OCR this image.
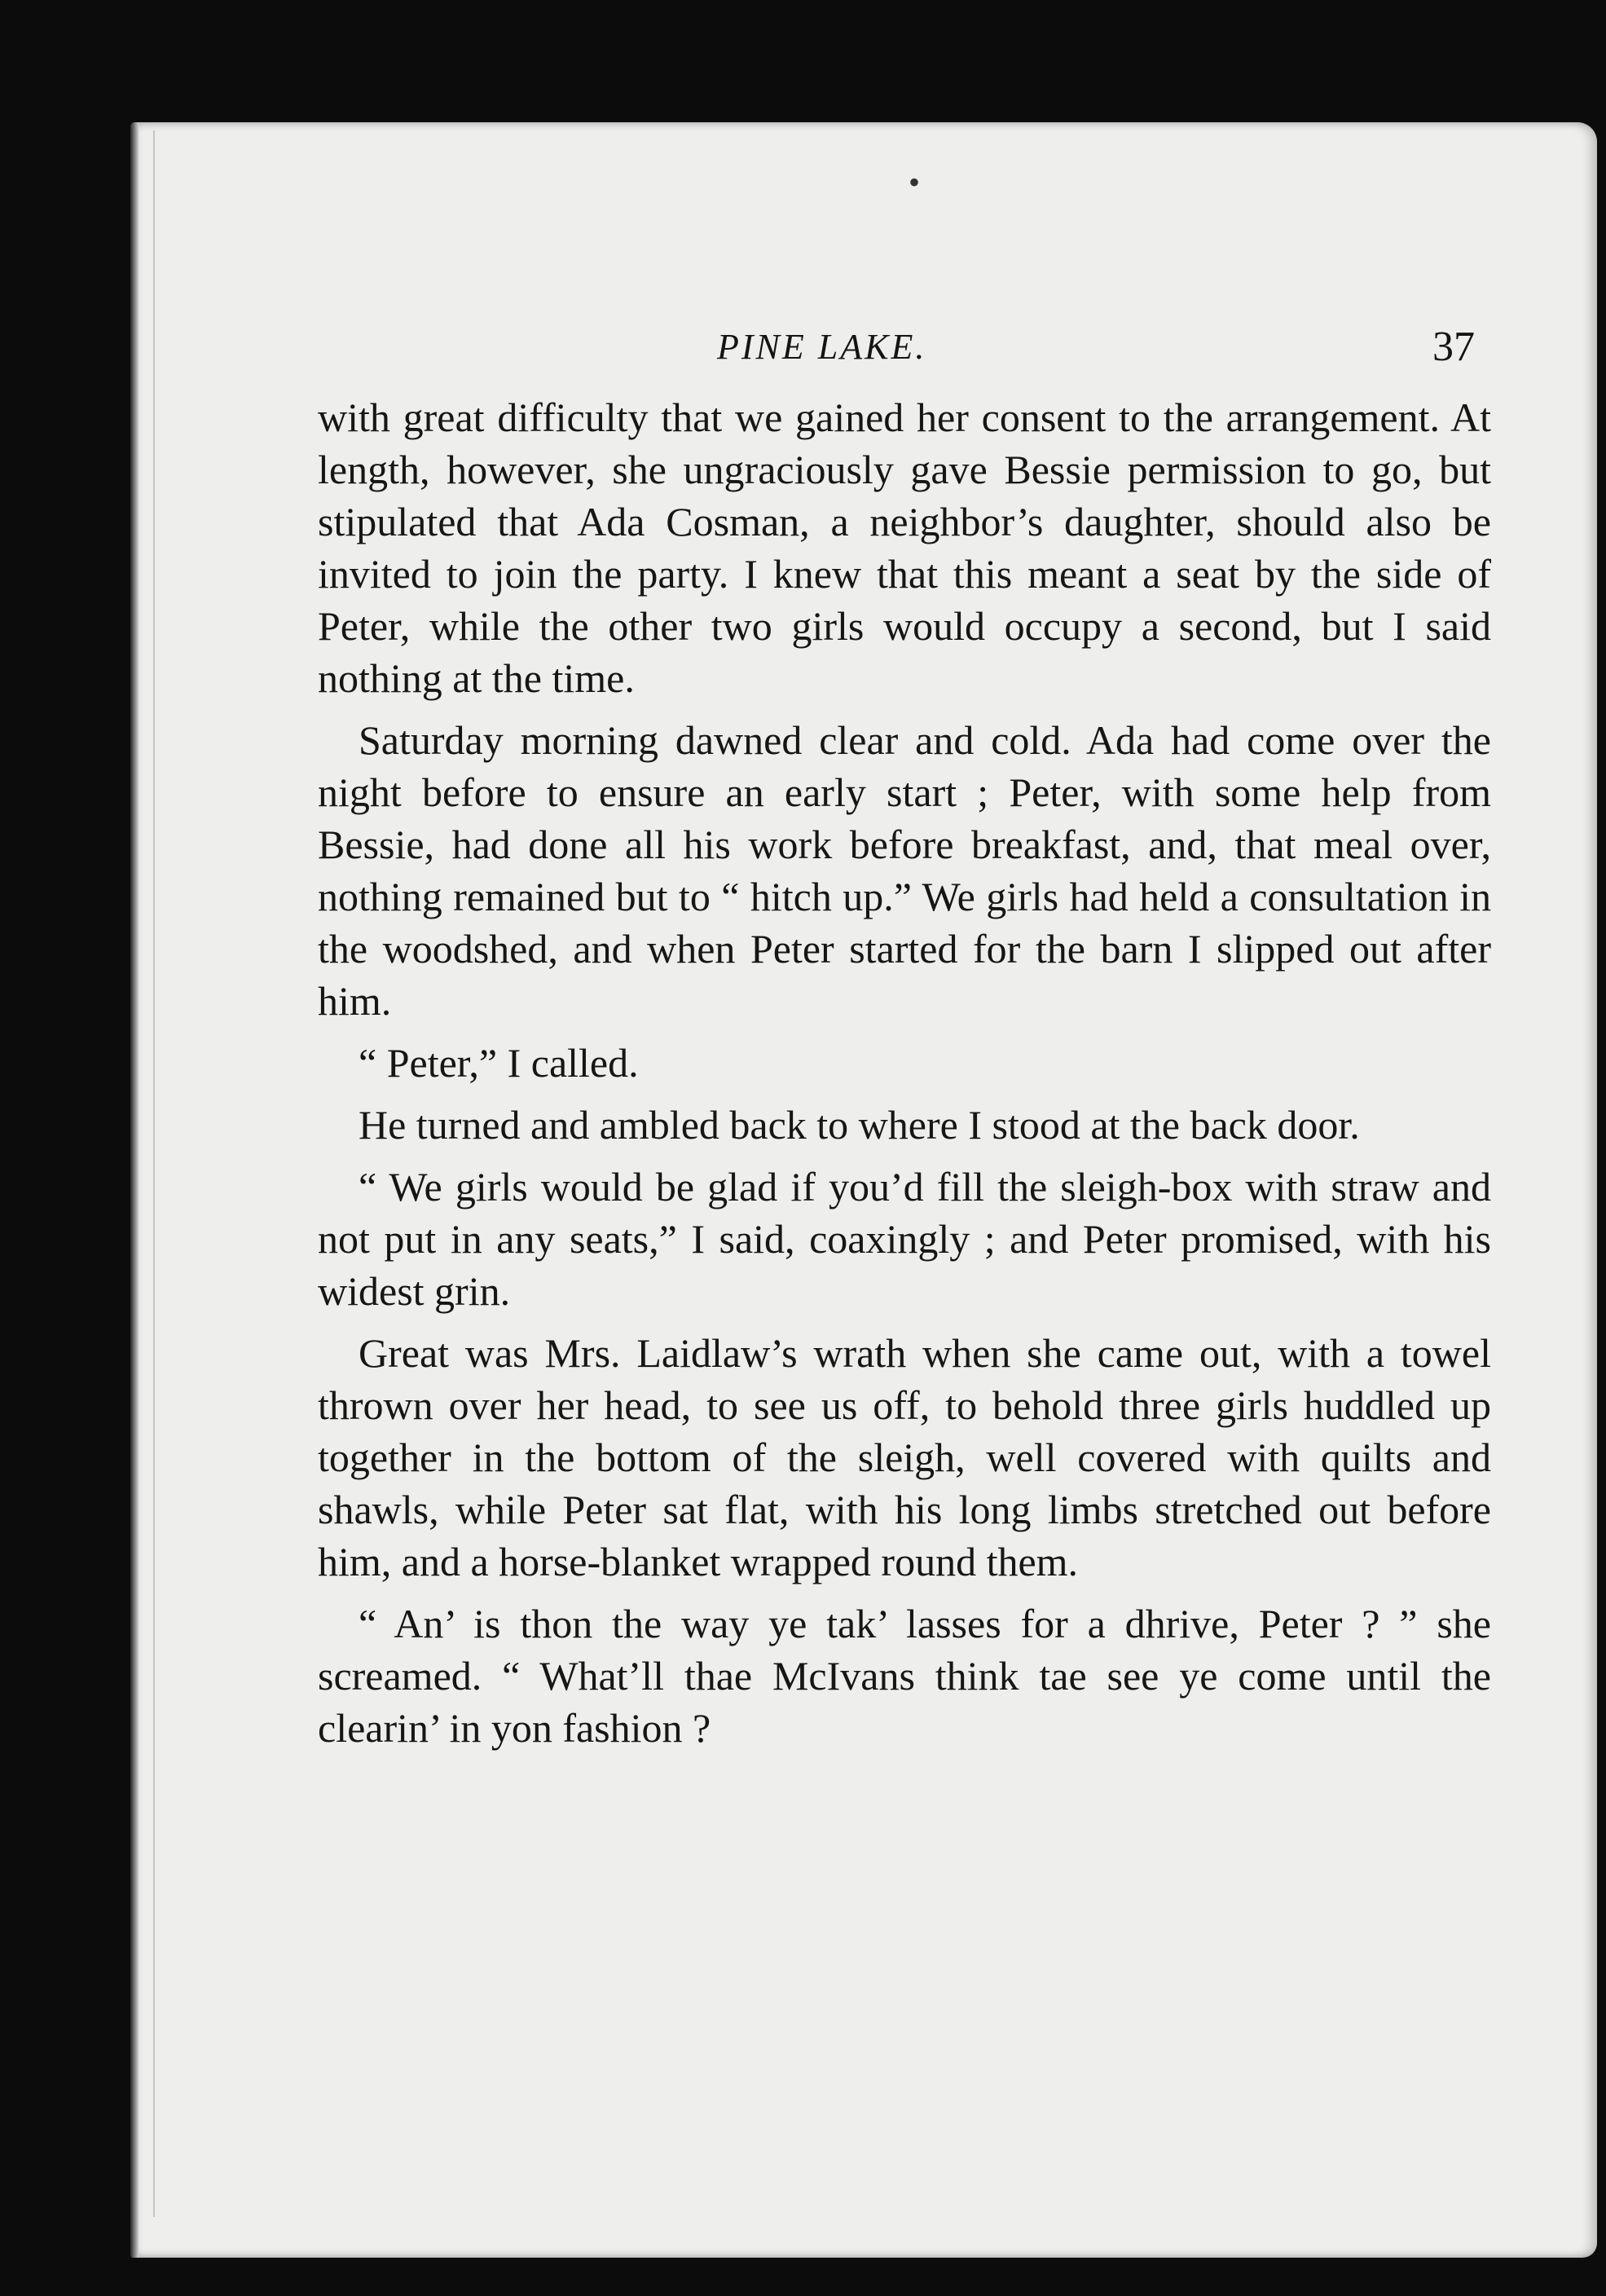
•
PINE LAKE.	37

with great difficulty that we gained her consent to the arrangement. At length, however, she ungraciously gave Bessie permission to go, but stipulated that Ada Cosman, a neighbor’s daughter, should also be invited to join the party. I knew that this meant a seat by the side of Peter, while the other two girls would occupy a second, but I said nothing at the time.

Saturday morning dawned clear and cold. Ada had come over the night before to ensure an early start ; Peter, with some help from Bessie, had done all his work before breakfast, and, that meal over, nothing remained but to “ hitch up.” We girls had held a consultation in the woodshed, and when Peter started for the barn I slipped out after him.

“ Peter,” I called.

He turned and ambled back to where I stood at the back door.

“ We girls would be glad if you’d fill the sleigh-box with straw and not put in any seats,” I said, coaxingly ; and Peter promised, with his widest grin.

Great was Mrs. Laidlaw’s wrath when she came out, with a towel thrown over her head, to see us off, to behold three girls huddled up together in the bottom of the sleigh, well covered with quilts and shawls, while Peter sat flat, with his long limbs stretched out before him, and a horse-blanket wrapped round them.

“ An’ is thon the way ye tak’ lasses for a dhrive, Peter ? ” she screamed. “ What’ll thae McIvans think tae see ye come until the clearin’ in yon fashion ?
